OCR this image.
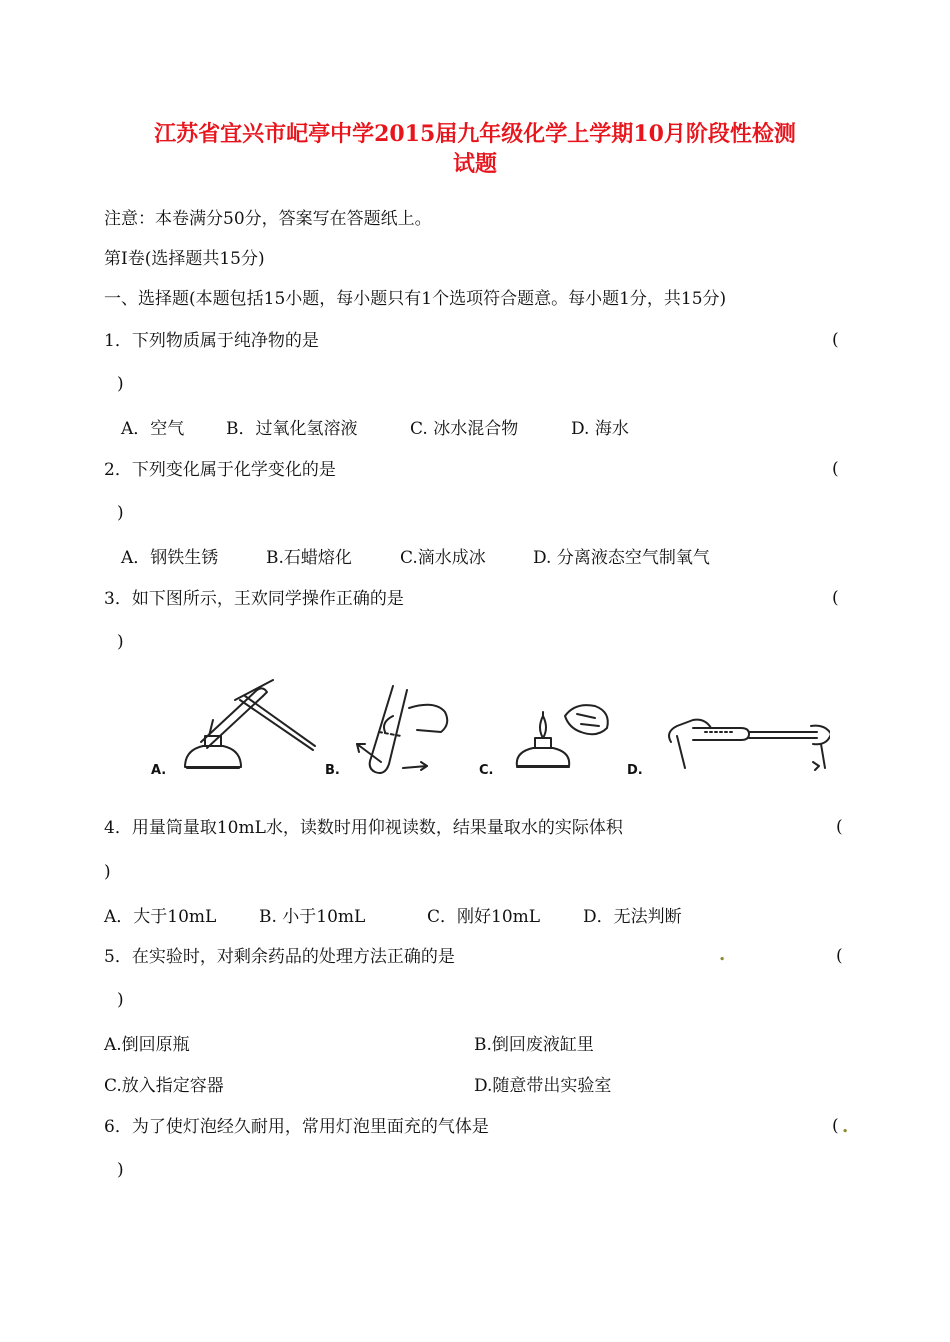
江苏省宜兴市屺亭中学2015届九年级化学上学期10月阶段性检测
试题
注意：本卷满分50分，答案写在答题纸上。
第Ⅰ卷(选择题共15分)
一、选择题(本题包括15小题，每小题只有1个选项符合题意。每小题1分，共15分)
1．下列物质属于纯净物的是	(
)
A．空气 B．过氧化氢溶液	C. 冰水混合物	D. 海水
2．下列变化属于化学变化的是	(
)
A．钢铁生锈	B.石蜡熔化	C.滴水成冰	D. 分离液态空气制氧气
3．如下图所示，王欢同学操作正确的是	(
)
A.	B.	C.	D.
4．用量筒量取10mL水，读数时用仰视读数，结果量取水的实际体积	(
)
A．大于10mL	B. 小于10mL	C．刚好10mL	D．无法判断
5．在实验时，对剩余药品的处理方法正确的是	.	(
)
A.倒回原瓶	B.倒回废液缸里
C.放入指定容器	D.随意带出实验室
6．为了使灯泡经久耐用，常用灯泡里面充的气体是	( .
)
